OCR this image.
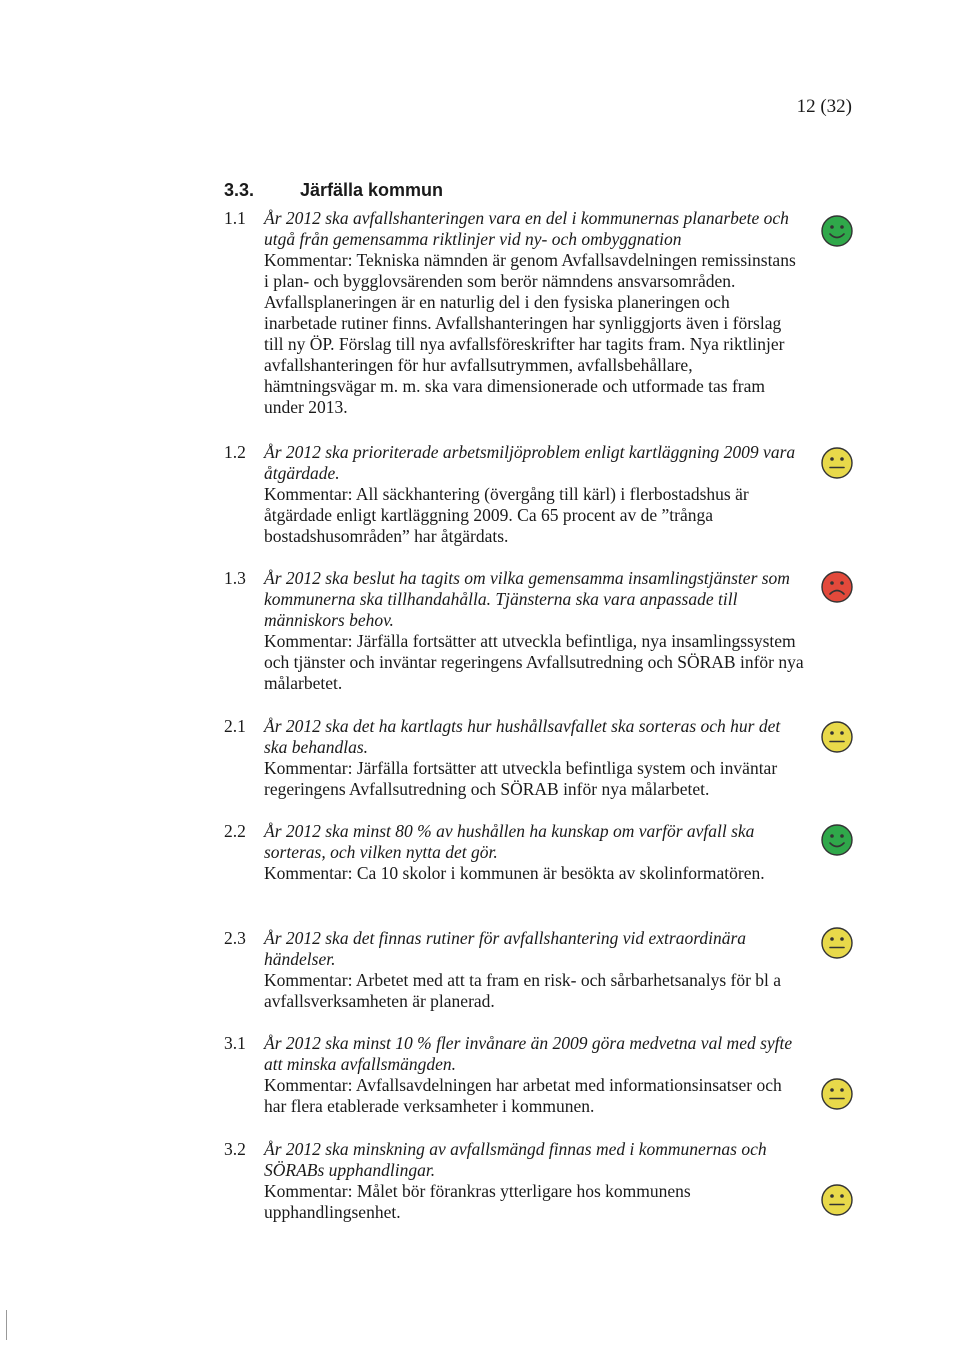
12 (32)
3.3.	Järfälla kommun
1.1 År 2012 ska avfallshanteringen vara en del i kommunernas planarbete och utgå från gemensamma riktlinjer vid ny- och ombyggnation
Kommentar: Tekniska nämnden är genom Avfallsavdelningen remissinstans i plan- och bygglovsärenden som berör nämndens ansvarsområden. Avfallsplaneringen är en naturlig del i den fysiska planeringen och inarbetade rutiner finns. Avfallshanteringen har synliggjorts även i förslag till ny ÖP. Förslag till nya avfallsföreskrifter har tagits fram. Nya riktlinjer avfallshanteringen för hur avfallsutrymmen, avfallsbehållare, hämtningsvägar m. m. ska vara dimensionerade och utformade tas fram under 2013.
1.2 År 2012 ska prioriterade arbetsmiljöproblem enligt kartläggning 2009 vara åtgärdade.
Kommentar: All säckhantering (övergång till kärl) i flerbostadshus är åtgärdade enligt kartläggning 2009. Ca 65 procent av de ”trånga bostadshusområden” har åtgärdats.
1.3 År 2012 ska beslut ha tagits om vilka gemensamma insamlingstjänster som kommunerna ska tillhandahålla. Tjänsterna ska vara anpassade till människors behov.
Kommentar: Järfälla fortsätter att utveckla befintliga, nya insamlingssystem och tjänster och inväntar regeringens Avfallsutredning och SÖRAB inför nya målarbetet.
2.1 År 2012 ska det ha kartlagts hur hushållsavfallet ska sorteras och hur det ska behandlas.
Kommentar: Järfälla fortsätter att utveckla befintliga system och inväntar regeringens Avfallsutredning och SÖRAB inför nya målarbetet.
2.2 År 2012 ska minst 80 % av hushållen ha kunskap om varför avfall ska sorteras, och vilken nytta det gör.
Kommentar: Ca 10 skolor i kommunen är besökta av skolinformatören.
2.3 År 2012 ska det finnas rutiner för avfallshantering vid extraordinära händelser.
Kommentar: Arbetet med att ta fram en risk- och sårbarhetsanalys för bl a avfallsverksamheten är planerad.
3.1 År 2012 ska minst 10 % fler invånare än 2009 göra medvetna val med syfte att minska avfallsmängden.
Kommentar: Avfallsavdelningen har arbetat med informationsinsatser och har flera etablerade verksamheter i kommunen.
3.2 År 2012 ska minskning av avfallsmängd finnas med i kommunernas och SÖRABs upphandlingar.
Kommentar: Målet bör förankras ytterligare hos kommunens upphandlingsenhet.
